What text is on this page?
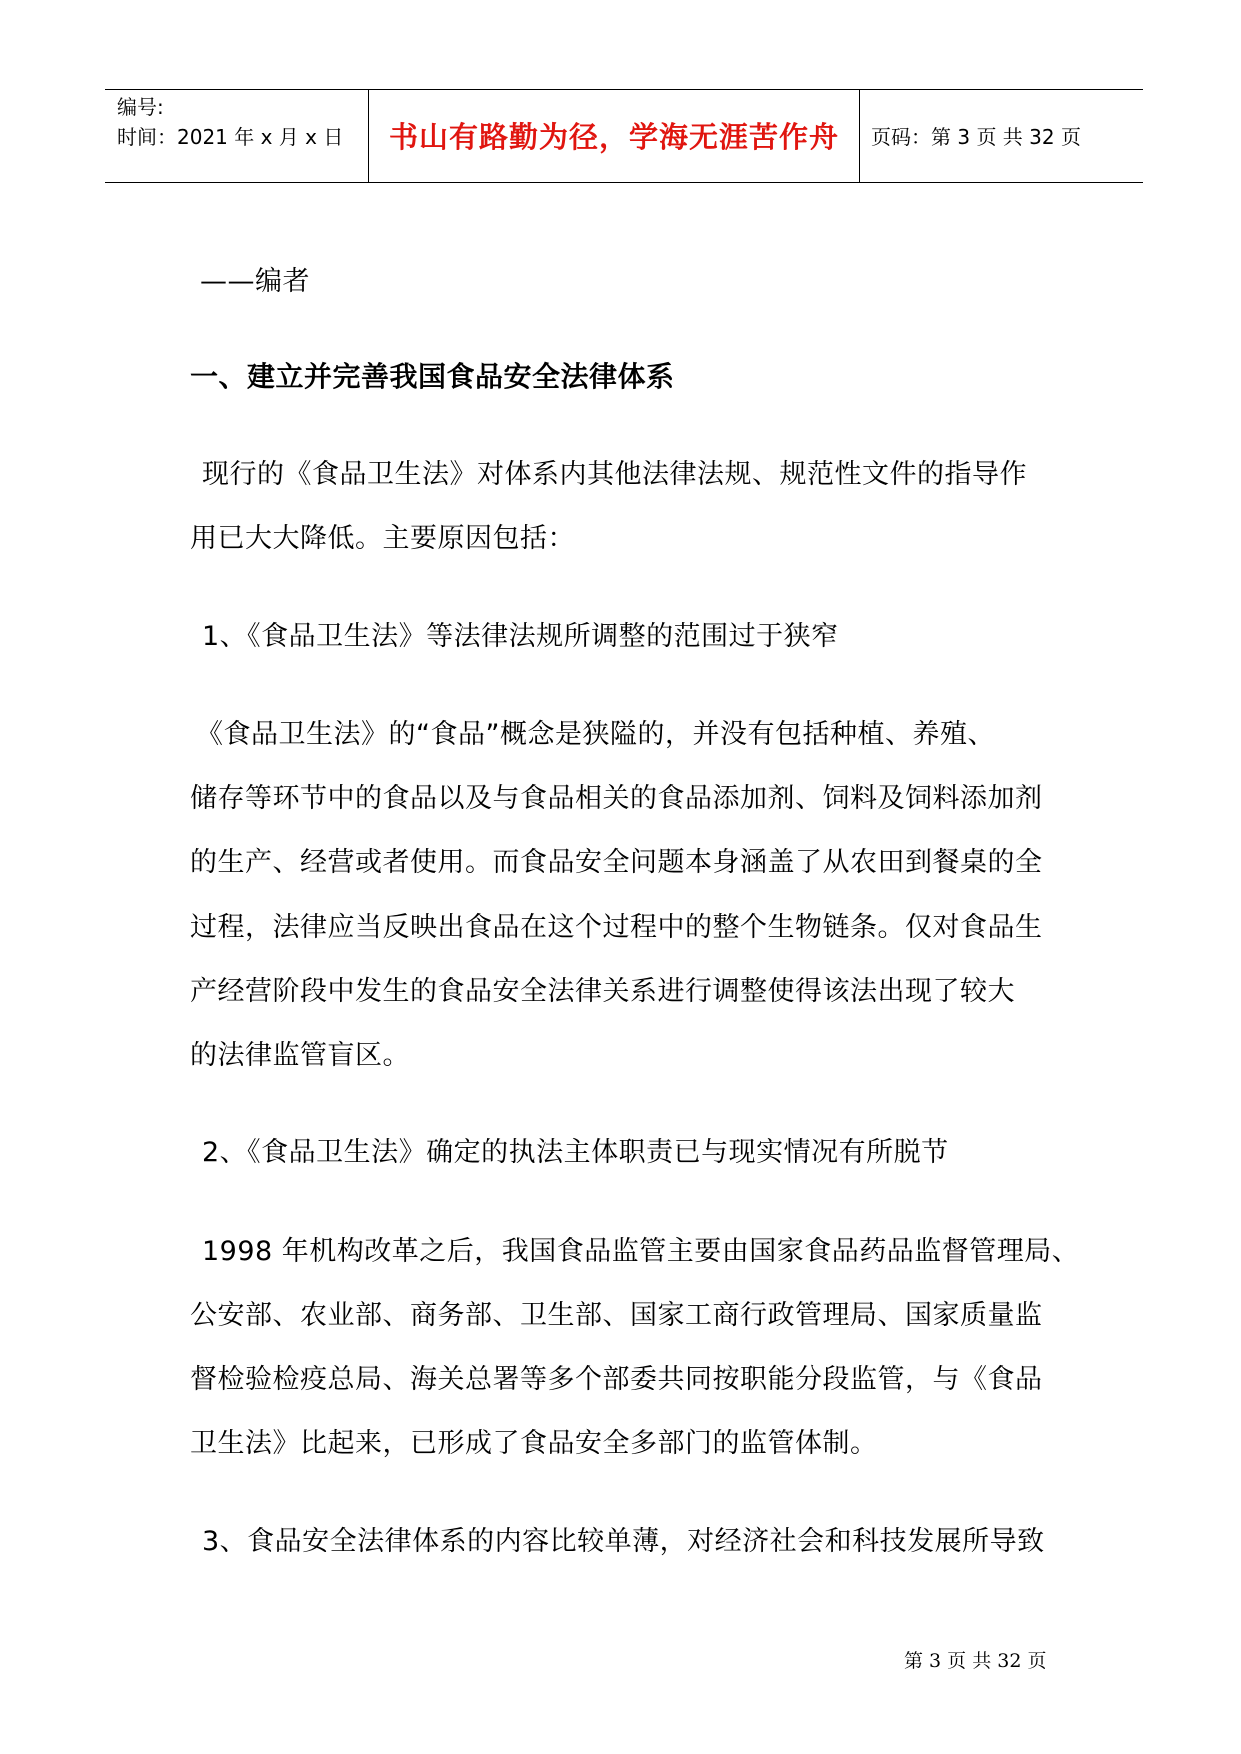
编号:
时间：2021 年 x 月 x 日	书山有路勤为径，学海无涯苦作舟	页码：第 3 页 共 32 页
——编者
一、建立并完善我国食品安全法律体系
现行的《食品卫生法》对体系内其他法律法规、规范性文件的指导作
用已大大降低。主要原因包括：
1、《食品卫生法》等法律法规所调整的范围过于狭窄
《食品卫生法》的“食品”概念是狭隘的，并没有包括种植、养殖、
储存等环节中的食品以及与食品相关的食品添加剂、饲料及饲料添加剂
的生产、经营或者使用。而食品安全问题本身涵盖了从农田到餐桌的全
过程，法律应当反映出食品在这个过程中的整个生物链条。仅对食品生
产经营阶段中发生的食品安全法律关系进行调整使得该法出现了较大
的法律监管盲区。
2、《食品卫生法》确定的执法主体职责已与现实情况有所脱节
1998 年机构改革之后，我国食品监管主要由国家食品药品监督管理局、
公安部、农业部、商务部、卫生部、国家工商行政管理局、国家质量监
督检验检疫总局、海关总署等多个部委共同按职能分段监管，与《食品
卫生法》比起来，已形成了食品安全多部门的监管体制。
3、食品安全法律体系的内容比较单薄，对经济社会和科技发展所导致
第 3 页 共 32 页
